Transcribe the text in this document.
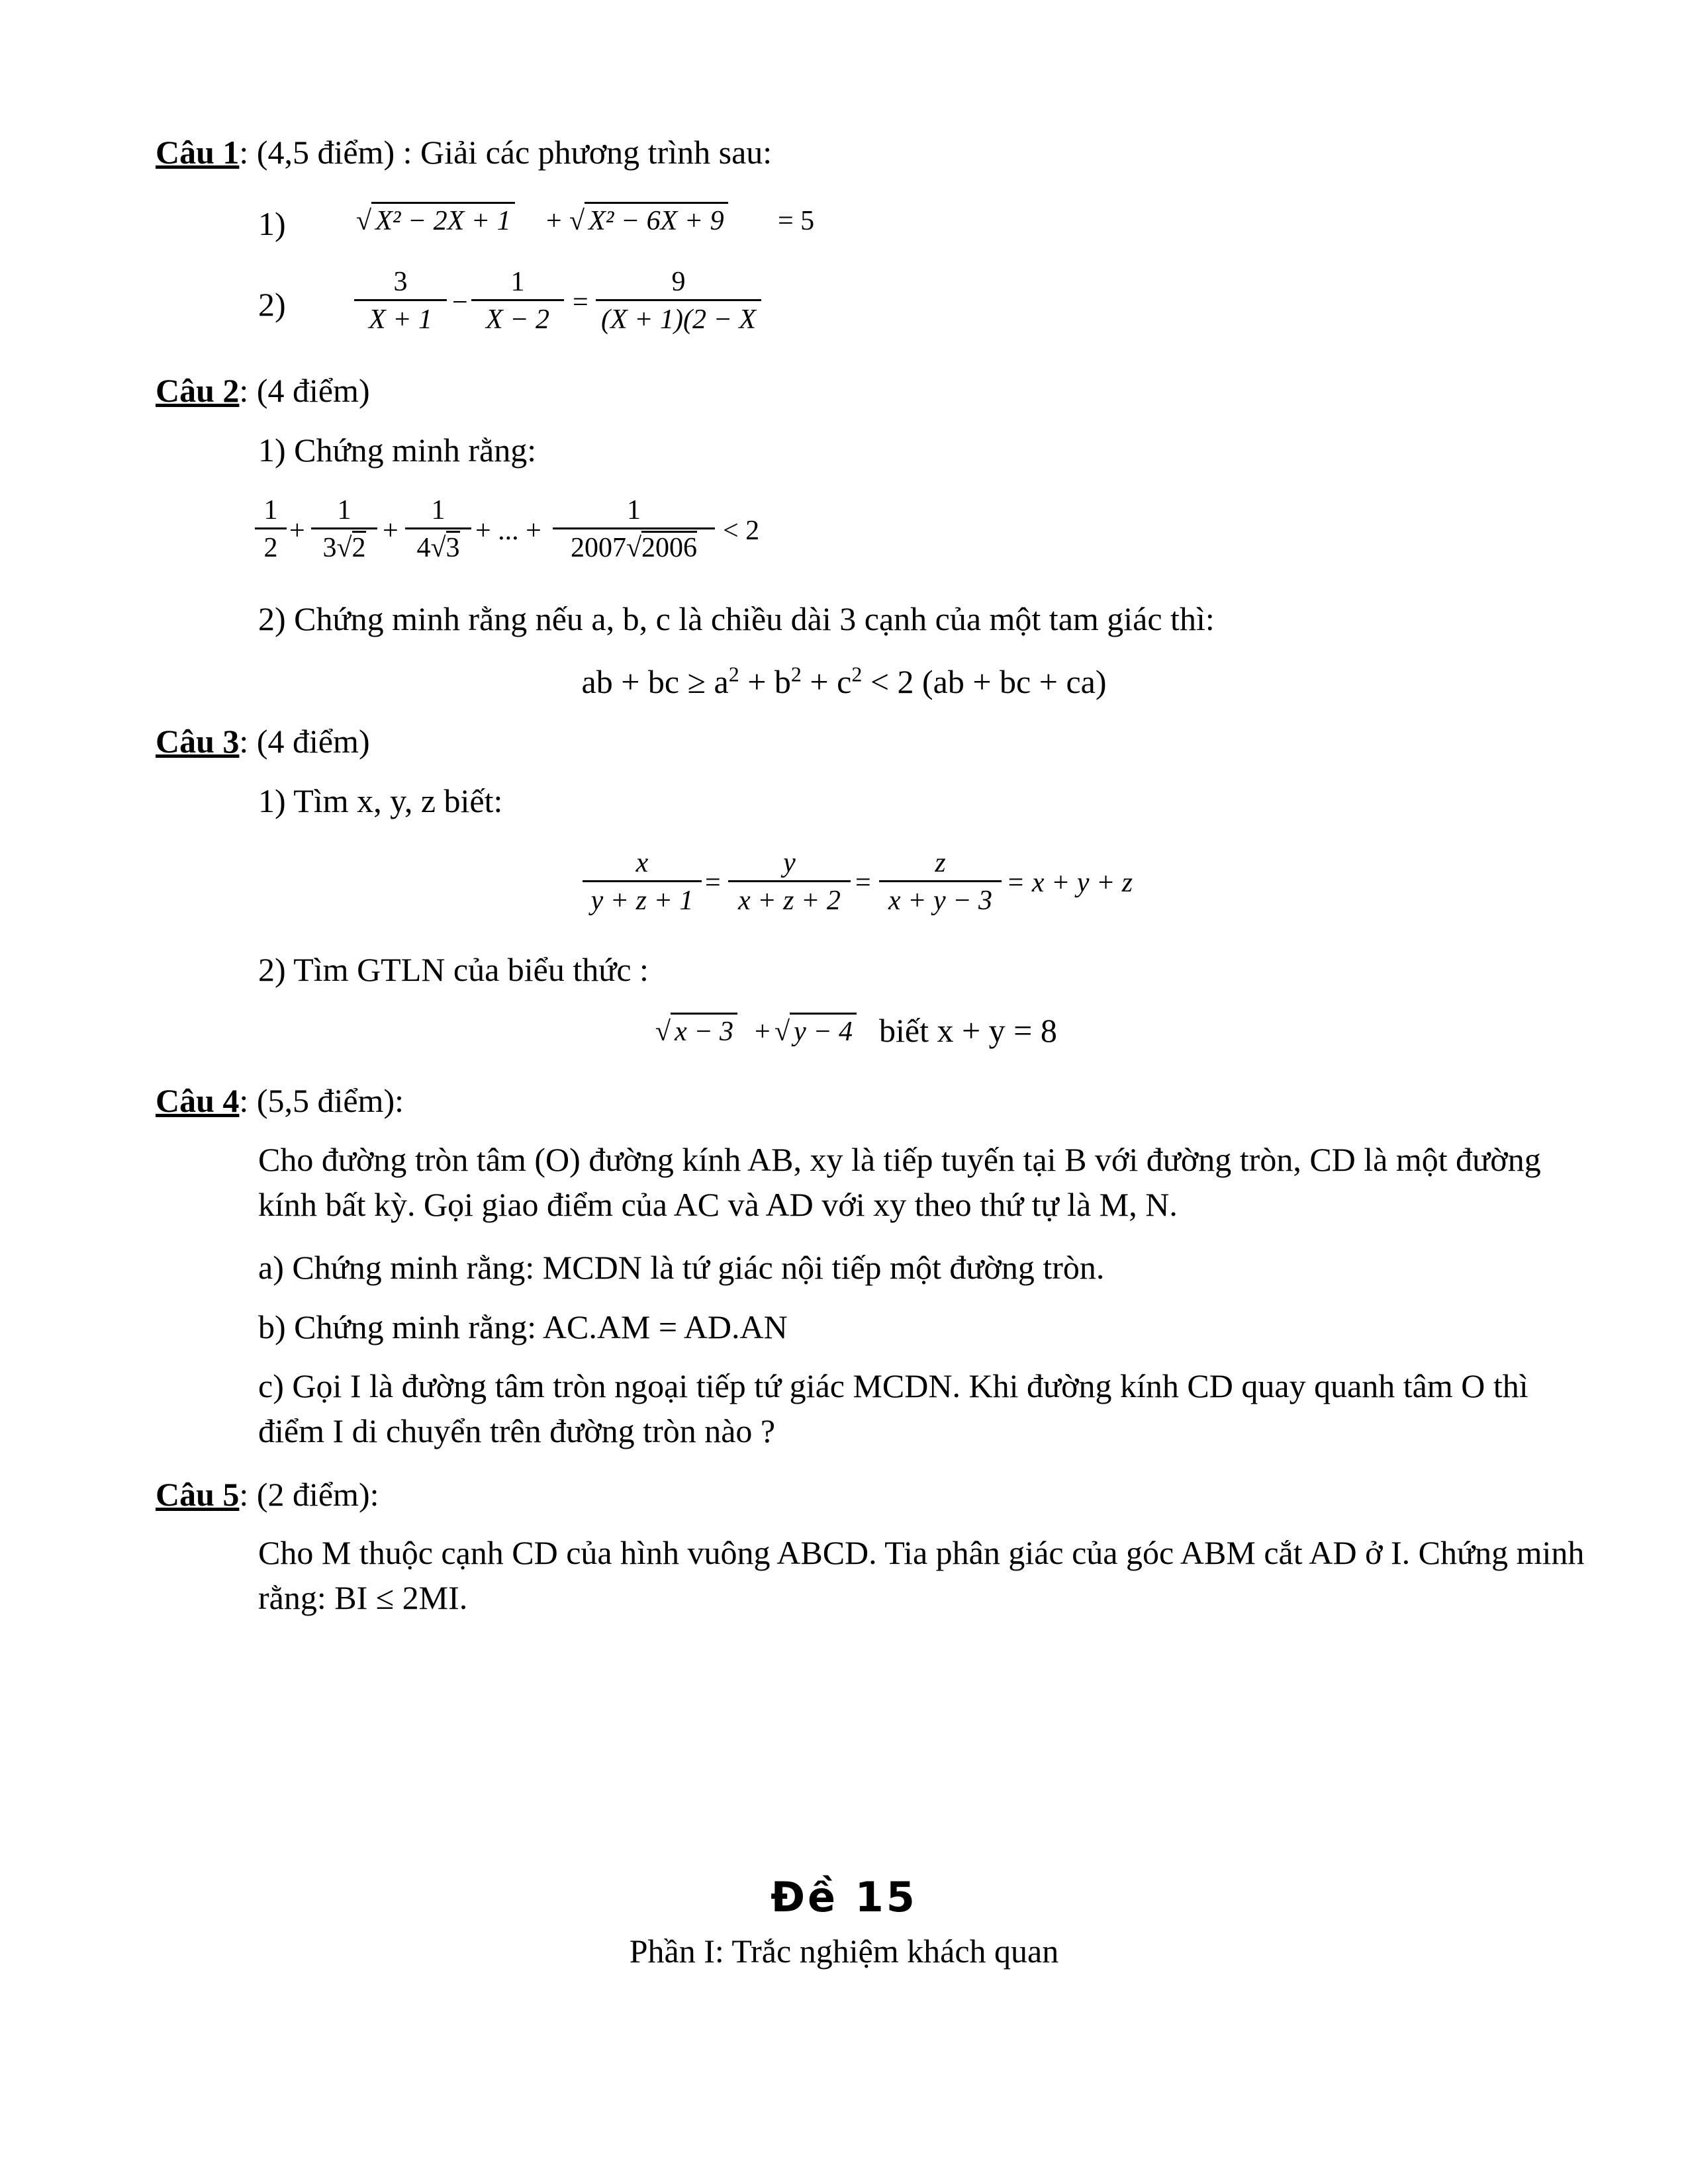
Câu 1: (4,5 điểm) : Giải các phương trình sau:
1)	√ X² − 2X + 1 + √ X² − 6X + 9 = 5
2)
3
X + 1
−
1
X − 2
=
9
(X + 1)(2 − X
Câu 2: (4 điểm)
1) Chứng minh rằng:
1
2
+
1
3√2
+
1
4√3
+ ... +
1
2007√2006
< 2
2) Chứng minh rằng nếu a, b, c là chiều dài 3 cạnh của một tam giác thì:
ab + bc ≥ $a^2 + b^2 + c^2 < 2$ (ab + bc + ca)
Câu 3: (4 điểm)
1) Tìm x, y, z biết:
x
y + z + 1
=
y
x + z + 2
=
z
x + y − 3
= x + y + z
2) Tìm GTLN của biểu thức :
√ x − 3 + √ y − 4 biết x + y = 8
Câu 4: (5,5 điểm):
Cho đường tròn tâm (O) đường kính AB, xy là tiếp tuyến tại B với đường tròn, CD là một đường kính bất kỳ. Gọi giao điểm của AC và AD với xy theo thứ tự là M, N.
a) Chứng minh rằng: MCDN là tứ giác nội tiếp một đường tròn.
b) Chứng minh rằng: AC.AM = AD.AN
c) Gọi I là đường tâm tròn ngoại tiếp tứ giác MCDN. Khi đường kính CD quay quanh tâm O thì điểm I di chuyển trên đường tròn nào ?
Câu 5: (2 điểm):
Cho M thuộc cạnh CD của hình vuông ABCD. Tia phân giác của góc ABM cắt AD ở I. Chứng minh rằng: BI ≤ 2MI.
Đề 15
Phần I: Trắc nghiệm khách quan
